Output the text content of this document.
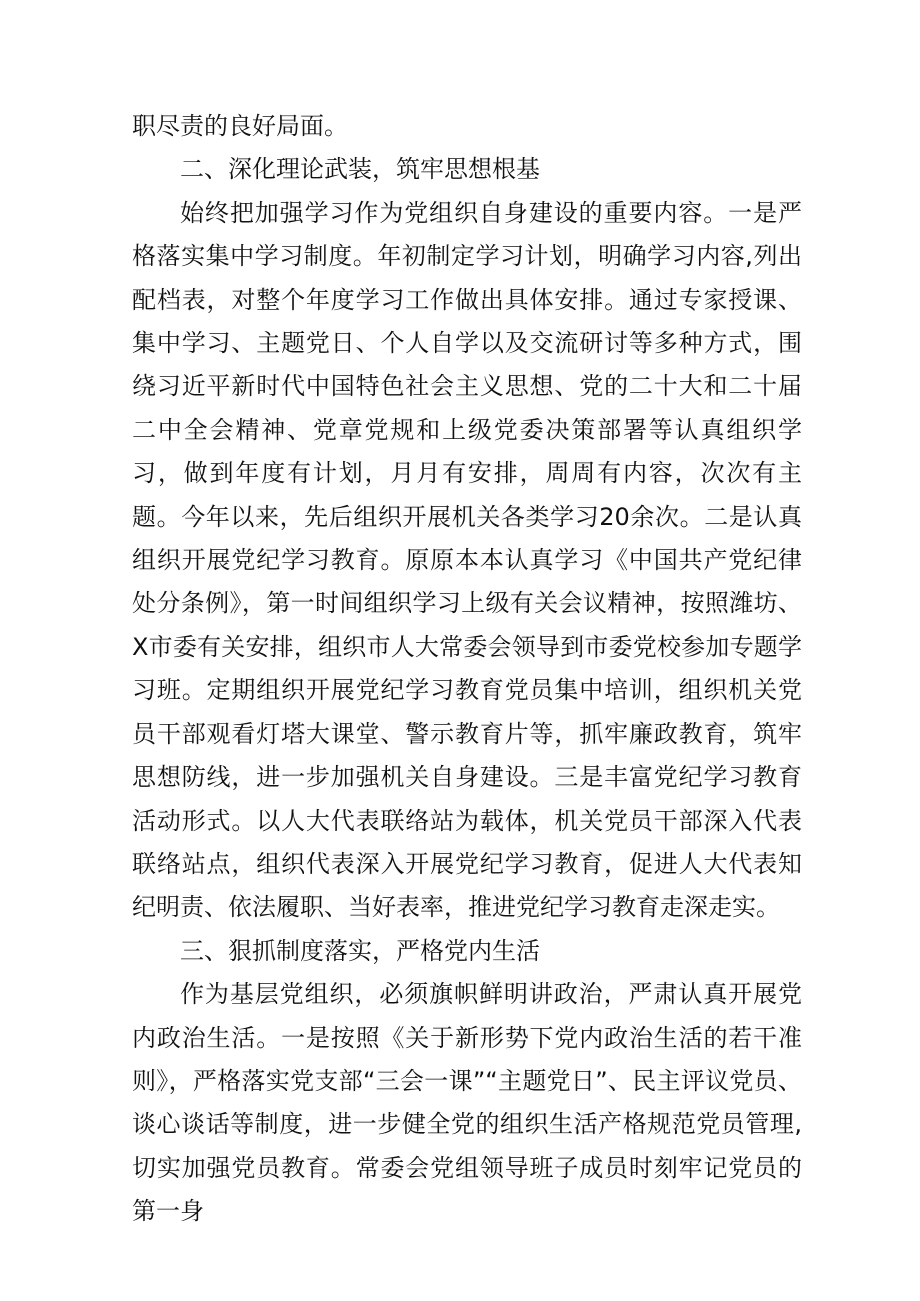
职尽责的良好局面。

二、深化理论武装，筑牢思想根基

始终把加强学习作为党组织自身建设的重要内容。一是严格落实集中学习制度。年初制定学习计划，明确学习内容,列出配档表，对整个年度学习工作做出具体安排。通过专家授课、集中学习、主题党日、个人自学以及交流研讨等多种方式，围绕习近平新时代中国特色社会主义思想、党的二十大和二十届二中全会精神、党章党规和上级党委决策部署等认真组织学习，做到年度有计划，月月有安排，周周有内容，次次有主题。今年以来，先后组织开展机关各类学习20余次。二是认真组织开展党纪学习教育。原原本本认真学习《中国共产党纪律处分条例》，第一时间组织学习上级有关会议精神，按照潍坊、X市委有关安排，组织市人大常委会领导到市委党校参加专题学习班。定期组织开展党纪学习教育党员集中培训，组织机关党员干部观看灯塔大课堂、警示教育片等，抓牢廉政教育，筑牢思想防线，进一步加强机关自身建设。三是丰富党纪学习教育活动形式。以人大代表联络站为载体，机关党员干部深入代表联络站点，组织代表深入开展党纪学习教育，促进人大代表知纪明责、依法履职、当好表率，推进党纪学习教育走深走实。

三、狠抓制度落实，严格党内生活

作为基层党组织，必须旗帜鲜明讲政治，严肃认真开展党内政治生活。一是按照《关于新形势下党内政治生活的若干准则》，严格落实党支部“三会一课”“主题党日”、民主评议党员、谈心谈话等制度，进一步健全党的组织生活产格规范党员管理,切实加强党员教育。常委会党组领导班子成员时刻牢记党员的第一身
